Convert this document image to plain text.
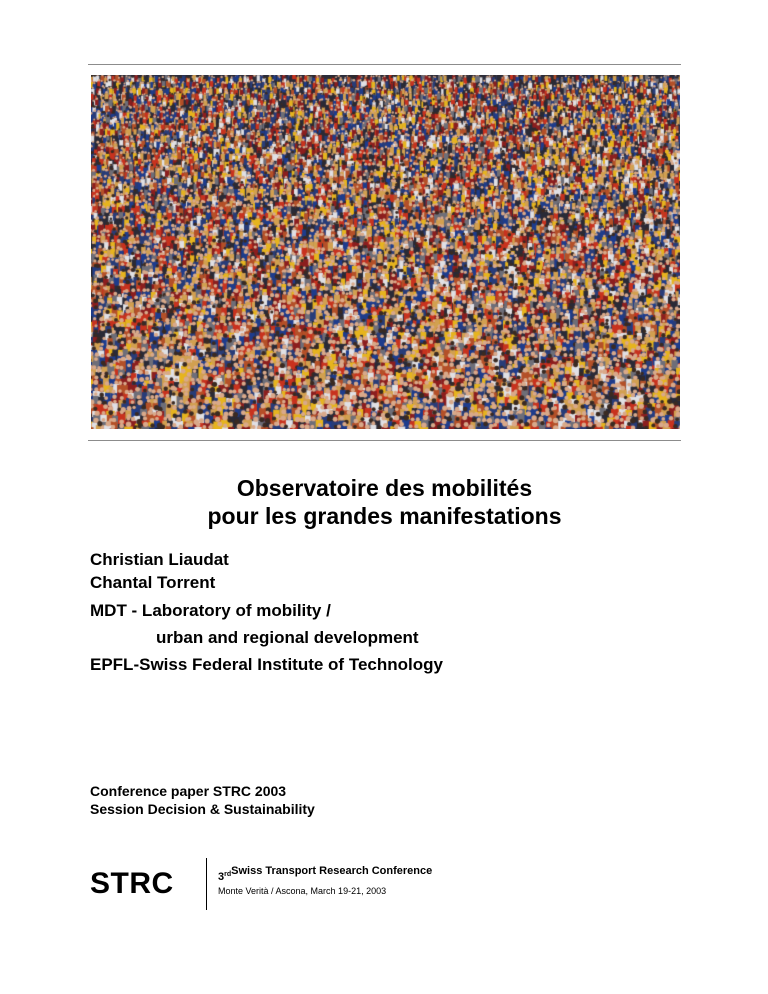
Observatoire des mobilités
pour les grandes manifestations
Christian Liaudat
Chantal Torrent
MDT - Laboratory of mobility /
urban and regional development
EPFL-Swiss Federal Institute of Technology
Conference paper STRC 2003
Session Decision & Sustainability
STRC	3rdSwiss Transport Research Conference
Monte Verità / Ascona, March 19-21, 2003
